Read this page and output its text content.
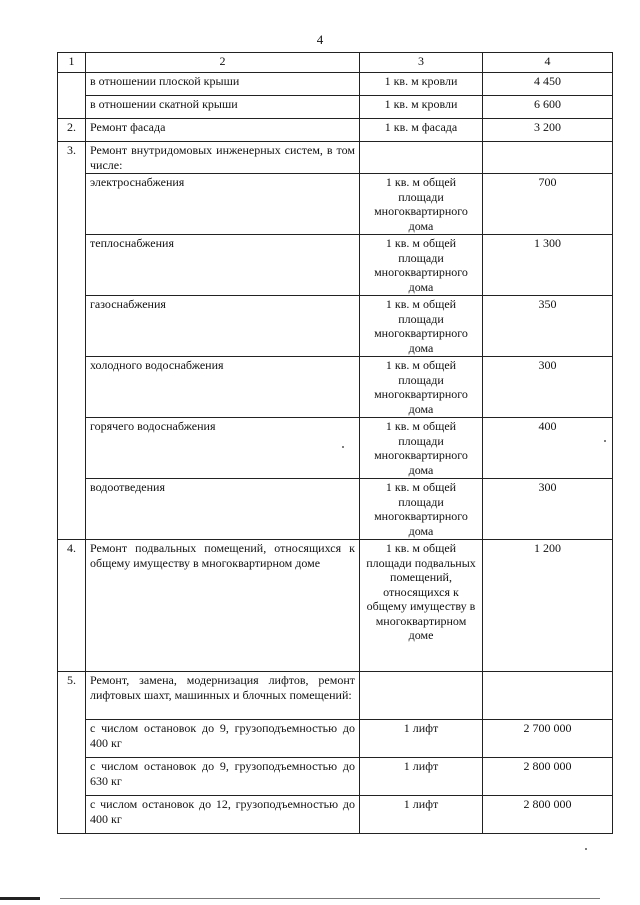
4
1	2	3	4
	в отношении плоской крыши	1 кв. м кровли	4 450
	в отношении скатной крыши	1 кв. м кровли	6 600
2.	Ремонт фасада	1 кв. м фасада	3 200
3.	Ремонт внутридомовых инженерных систем, в том числе:		
	электроснабжения	1 кв. м общей площади многоквартирного дома	700
	теплоснабжения	1 кв. м общей площади многоквартирного дома	1 300
	газоснабжения	1 кв. м общей площади многоквартирного дома	350
	холодного водоснабжения	1 кв. м общей площади многоквартирного дома	300
	горячего водоснабжения	1 кв. м общей площади многоквартирного дома	400
	водоотведения	1 кв. м общей площади многоквартирного дома	300
4.	Ремонт подвальных помещений, относящихся к общему имуществу в многоквартирном доме	1 кв. м общей площади подвальных помещений, относящихся к общему имуществу в многоквартирном доме	1 200
5.	Ремонт, замена, модернизация лифтов, ремонт лифтовых шахт, машинных и блочных помещений:		
	с числом остановок до 9, грузоподъемностью до 400 кг	1 лифт	2 700 000
	с числом остановок до 9, грузоподъемностью до 630 кг	1 лифт	2 800 000
	с числом остановок до 12, грузоподъемностью до 400 кг	1 лифт	2 800 000
